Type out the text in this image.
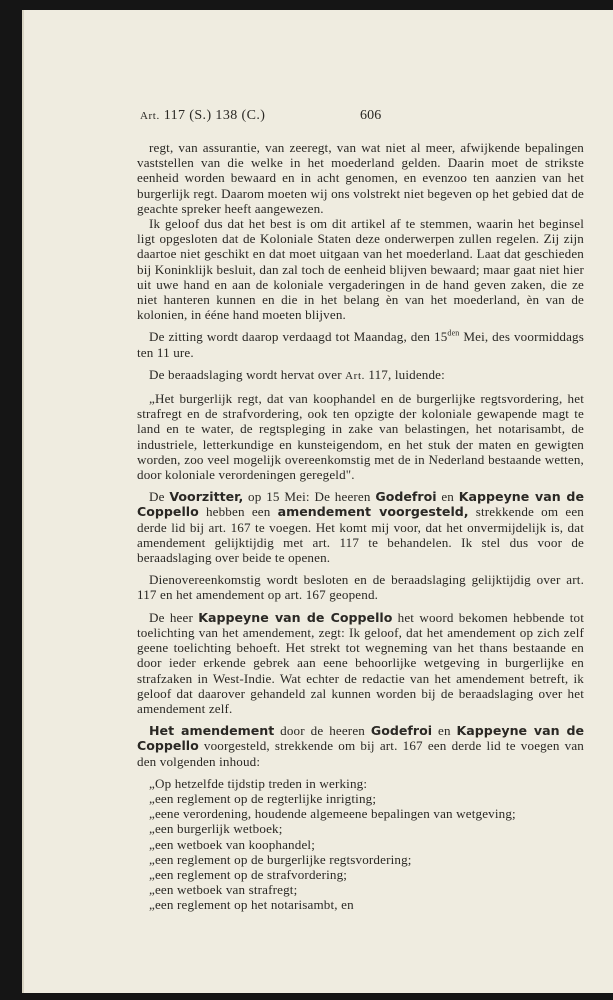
Art. 117 (S.) 138 (C.)	606

regt, van assurantie, van zeeregt, van wat niet al meer, afwijkende bepalingen vaststellen van die welke in het moederland gelden. Daarin moet de strikste eenheid worden bewaard en in acht genomen, en evenzoo ten aanzien van het burgerlijk regt. Daarom moeten wij ons volstrekt niet begeven op het gebied dat de geachte spreker heeft aangewezen.

Ik geloof dus dat het best is om dit artikel af te stemmen, waarin het beginsel ligt opgesloten dat de Koloniale Staten deze onderwerpen zullen regelen. Zij zijn daartoe niet geschikt en dat moet uitgaan van het moederland. Laat dat geschieden bij Koninklijk besluit, dan zal toch de eenheid blijven bewaard; maar gaat niet hier uit uwe hand en aan de koloniale vergaderingen in de hand geven zaken, die ze niet hanteren kunnen en die in het belang èn van het moederland, èn van de kolonien, in ééne hand moeten blijven.

De zitting wordt daarop verdaagd tot Maandag, den $15^{den}$ Mei, des voormiddags ten 11 ure.

De beraadslaging wordt hervat over Art. 117, luidende:

„Het burgerlijk regt, dat van koophandel en de burgerlijke regtsvordering, het strafregt en de strafvordering, ook ten opzigte der koloniale gewapende magt te land en te water, de regtspleging in zake van belastingen, het notarisambt, de industriele, letterkundige en kunsteigendom, en het stuk der maten en gewigten worden, zoo veel mogelijk overeenkomstig met de in Nederland bestaande wetten, door koloniale verordeningen geregeld".

De Voorzitter, op 15 Mei: De heeren Godefroi en Kappeyne van de Coppello hebben een amendement voorgesteld, strekkende om een derde lid bij art. 167 te voegen. Het komt mij voor, dat het onvermijdelijk is, dat amendement gelijktijdig met art. 117 te behandelen. Ik stel dus voor de beraadslaging over beide te openen.

Dienovereenkomstig wordt besloten en de beraadslaging gelijktijdig over art. 117 en het amendement op art. 167 geopend.

De heer Kappeyne van de Coppello het woord bekomen hebbende tot toelichting van het amendement, zegt: Ik geloof, dat het amendement op zich zelf geene toelichting behoeft. Het strekt tot wegneming van het thans bestaande en door ieder erkende gebrek aan eene behoorlijke wetgeving in burgerlijke en strafzaken in West-Indie. Wat echter de redactie van het amendement betreft, ik geloof dat daarover gehandeld zal kunnen worden bij de beraadslaging over het amendement zelf.

Het amendement door de heeren Godefroi en Kappeyne van de Coppello voorgesteld, strekkende om bij art. 167 een derde lid te voegen van den volgenden inhoud:

„Op hetzelfde tijdstip treden in werking:

„een reglement op de regterlijke inrigting;

„eene verordening, houdende algemeene bepalingen van wetgeving;

„een burgerlijk wetboek;

„een wetboek van koophandel;

„een reglement op de burgerlijke regtsvordering;

„een reglement op de strafvordering;

„een wetboek van strafregt;

„een reglement op het notarisambt, en
